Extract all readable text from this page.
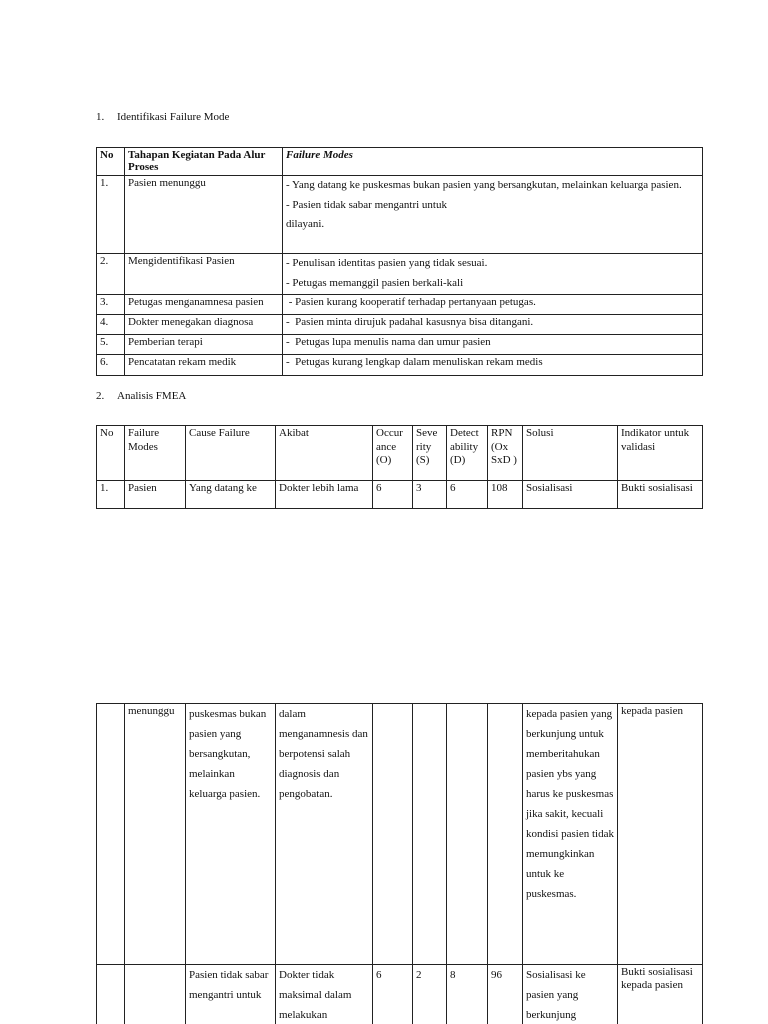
1. Identifikasi Failure Mode
No	Tahapan Kegiatan Pada Alur Proses	Failure Modes
1.	Pasien menunggu	- Yang datang ke puskesmas bukan pasien yang bersangkutan, melainkan keluarga pasien.
- Pasien tidak sabar mengantri untuk
dilayani.

2.	Mengidentifikasi Pasien	- Penulisan identitas pasien yang tidak sesuai.
- Petugas memanggil pasien berkali-kali

3.	Petugas menganamnesa pasien	- Pasien kurang kooperatif terhadap pertanyaan petugas.
4.	Dokter menegakan diagnosa	-  Pasien minta dirujuk padahal kasusnya bisa ditangani.
5.	Pemberian terapi	-  Petugas lupa menulis nama dan umur pasien
6.	Pencatatan rekam medik	-  Petugas kurang lengkap dalam menuliskan rekam medis
2. Analisis FMEA
No	Failure Modes	Cause Failure	Akibat	Occur ance (O)	Seve rity (S)	Detect ability (D)	RPN (Ox SxD )	Solusi	Indikator untuk validasi
1.	Pasien	Yang datang ke	Dokter lebih lama	6	3	6	108	Sosialisasi	Bukti sosialisasi
	menunggu	puskesmas bukan pasien yang bersangkutan, melainkan keluarga pasien.	dalam menganamnesis dan berpotensi salah diagnosis dan pengobatan.					kepada pasien yang berkunjung untuk memberitahukan pasien ybs yang harus ke puskesmas jika sakit, kecuali kondisi pasien tidak memungkinkan untuk ke puskesmas.	kepada pasien
		Pasien tidak sabar mengantri untuk	Dokter tidak maksimal dalam melakukan	6	2	8	96	Sosialisasi ke pasien yang berkunjung	Bukti sosialisasi kepada pasien
